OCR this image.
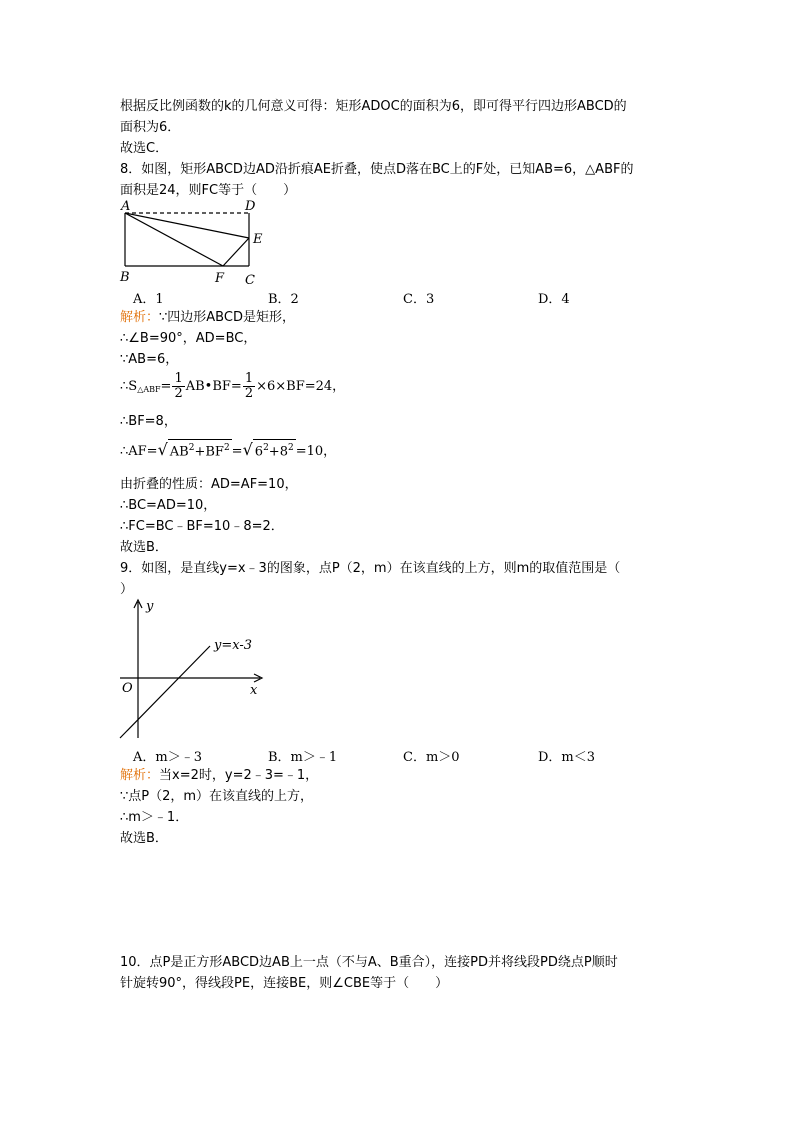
根据反比例函数的k的几何意义可得：矩形ADOC的面积为6，即可得平行四边形ABCD的
面积为6．
故选C．
8．如图，矩形ABCD边AD沿折痕AE折叠，使点D落在BC上的F处，已知AB=6，△ABF的
面积是24，则FC等于（　　）
A	D
E
B	F C
A．1	B．2	C．3	D．4
解析：∵四边形ABCD是矩形，
∴∠B=90°，AD=BC，
∵AB=6，
$\therefore S_{\triangle ABF}= \frac{1}{2}$ AB•BF= $\frac{1}{2} \times 6\times BF=24$，
∴BF=8，
∴AF=√ $AB^2+BF^2$ =√ $6^2+8^2 =10$，
由折叠的性质：AD=AF=10，
∴BC=AD=10，
∴FC=BC﹣BF=10﹣8=2．
故选B．
9．如图，是直线y=x﹣3的图象，点P（2，m）在该直线的上方，则m的取值范围是（
）
y
x
O
y=x-3
A．m＞﹣3	B．m＞﹣1	C．m＞0	D．m＜3
解析：当x=2时，y=2﹣3=﹣1，
∵点P（2，m）在该直线的上方，
∴m＞﹣1．
故选B．
10．点P是正方形ABCD边AB上一点（不与A、B重合），连接PD并将线段PD绕点P顺时
针旋转90°，得线段PE，连接BE，则∠CBE等于（　　）
